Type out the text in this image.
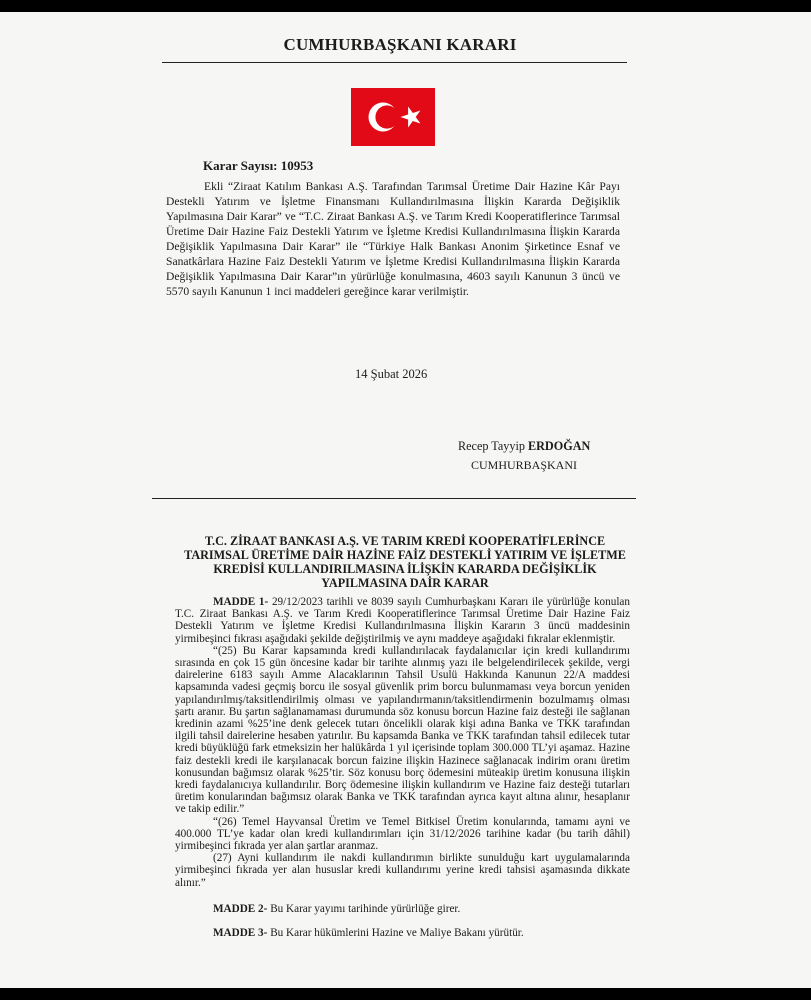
CUMHURBAŞKANI KARARI
Karar Sayısı: 10953

Ekli “Ziraat Katılım Bankası A.Ş. Tarafından Tarımsal Üretime Dair Hazine Kâr Payı Destekli Yatırım ve İşletme Finansmanı Kullandırılmasına İlişkin Kararda Değişiklik Yapılmasına Dair Karar” ve “T.C. Ziraat Bankası A.Ş. ve Tarım Kredi Kooperatiflerince Tarımsal Üretime Dair Hazine Faiz Destekli Yatırım ve İşletme Kredisi Kullandırılmasına İlişkin Kararda Değişiklik Yapılmasına Dair Karar” ile “Türkiye Halk Bankası Anonim Şirketince Esnaf ve Sanatkârlara Hazine Faiz Destekli Yatırım ve İşletme Kredisi Kullandırılmasına İlişkin Kararda Değişiklik Yapılmasına Dair Karar”ın yürürlüğe konulmasına, 4603 sayılı Kanunun 3 üncü ve 5570 sayılı Kanunun 1 inci maddeleri gereğince karar verilmiştir.

14 Şubat 2026
Recep Tayyip ERDOĞAN
CUMHURBAŞKANI
T.C. ZİRAAT BANKASI A.Ş. VE TARIM KREDİ KOOPERATİFLERİNCE
TARIMSAL ÜRETİME DAİR HAZİNE FAİZ DESTEKLİ YATIRIM VE İŞLETME
KREDİSİ KULLANDIRILMASINA İLİŞKİN KARARDA DEĞİŞİKLİK
YAPILMASINA DAİR KARAR

MADDE 1- 29/12/2023 tarihli ve 8039 sayılı Cumhurbaşkanı Kararı ile yürürlüğe konulan T.C. Ziraat Bankası A.Ş. ve Tarım Kredi Kooperatiflerince Tarımsal Üretime Dair Hazine Faiz Destekli Yatırım ve İşletme Kredisi Kullandırılmasına İlişkin Kararın 3 üncü maddesinin yirmibeşinci fıkrası aşağıdaki şekilde değiştirilmiş ve aynı maddeye aşağıdaki fıkralar eklenmiştir.

“(25) Bu Karar kapsamında kredi kullandırılacak faydalanıcılar için kredi kullandırımı sırasında en çok 15 gün öncesine kadar bir tarihte alınmış yazı ile belgelendirilecek şekilde, vergi dairelerine 6183 sayılı Amme Alacaklarının Tahsil Usulü Hakkında Kanunun 22/A maddesi kapsamında vadesi geçmiş borcu ile sosyal güvenlik prim borcu bulunmaması veya borcun yeniden yapılandırılmış/taksitlendirilmiş olması ve yapılandırmanın/taksitlendirmenin bozulmamış olması şartı aranır. Bu şartın sağlanamaması durumunda söz konusu borcun Hazine faiz desteği ile sağlanan kredinin azami %25’ine denk gelecek tutarı öncelikli olarak kişi adına Banka ve TKK tarafından ilgili tahsil dairelerine hesaben yatırılır. Bu kapsamda Banka ve TKK tarafından tahsil edilecek tutar kredi büyüklüğü fark etmeksizin her halükârda 1 yıl içerisinde toplam 300.000 TL’yi aşamaz. Hazine faiz destekli kredi ile karşılanacak borcun faizine ilişkin Hazinece sağlanacak indirim oranı üretim konusundan bağımsız olarak %25’tir. Söz konusu borç ödemesini müteakip üretim konusuna ilişkin kredi faydalanıcıya kullandırılır. Borç ödemesine ilişkin kullandırım ve Hazine faiz desteği tutarları üretim konularından bağımsız olarak Banka ve TKK tarafından ayrıca kayıt altına alınır, hesaplanır ve takip edilir.”

“(26) Temel Hayvansal Üretim ve Temel Bitkisel Üretim konularında, tamamı ayni ve 400.000 TL’ye kadar olan kredi kullandırımları için 31/12/2026 tarihine kadar (bu tarih dâhil) yirmibeşinci fıkrada yer alan şartlar aranmaz.

(27) Ayni kullandırım ile nakdi kullandırımın birlikte sunulduğu kart uygulamalarında yirmibeşinci fıkrada yer alan hususlar kredi kullandırımı yerine kredi tahsisi aşamasında dikkate alınır.”

MADDE 2- Bu Karar yayımı tarihinde yürürlüğe girer.

MADDE 3- Bu Karar hükümlerini Hazine ve Maliye Bakanı yürütür.
